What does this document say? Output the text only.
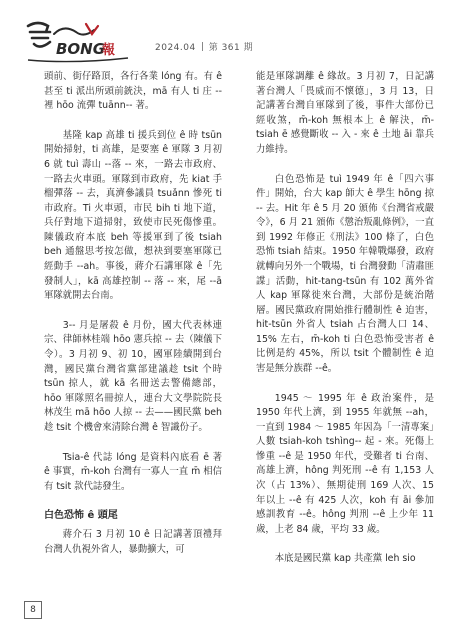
BONG
報	2024.04 第 361 期

頭前、街仔路頂，各行各業 lóng 有。有 ê 甚至 ti 派出所頭前銃決，mā 有人 ti 庄 -- 裡 hōo 流彈 tuānn-- 著。

基隆 kap 高雄 ti 援兵到位 ê 時 tsūn 開始掃射，ti 高雄，是要塞 ê 軍隊 3 月初 6 就 tuì 壽山 --落 -- 來，一路去市政府、一路去火車頭。軍隊到市政府，先 kiat 手榴彈落 -- 去，真濟參議員 tsuǎnn 慘死 ti 市政府。Ti 火車頭，市民 bih ti 地下道，兵仔對地下道掃射，致使市民死傷慘重。陳儀政府本底 beh 等援軍到了後 tsiah beh 通盤思考按怎做，想袂到要塞軍隊已經動手 --ah。事後，蔣介石講軍隊 ê「先發制人」，kā 高雄控制 -- 落 -- 來，尾 --ā 軍隊就開去台南。

3-- 月是屠殺 ê 月份，國大代表林連宗、律師林桂端 hōo 憲兵掠 -- 去（陳儀下令）。3 月初 9、初 10，國軍陸續開到台灣，國民黨台灣省黨部建議趁 tsit 个時 tsūn 掠人，就 kā 名冊送去警備總部，hōo 軍隊照名冊掠人，連台大文學院院長林茂生 mā hōo 人掠 -- 去——國民黨 beh 趁 tsit 个機會來清除台灣 ê 智識份子。

Tsia-ê 代誌 lóng 是資料內底看 ē 著 ê 事實，m̄-koh 台灣有一寡人一直 m̄ 相信有 tsit 款代誌發生。

白色恐怖 ê 頭尾

蔣介石 3 月初 10 ê 日記講著頂禮拜台灣人仇視外省人，暴動擴大，可

能是軍隊調離 ê 緣故。3 月初 7，日記講著台灣人「畏威而不懷德」，3 月 13，日記講著台灣自軍隊到了後，事件大部份已經收煞，m̄-koh 無根本上 ê 解決，m̄-tsiah ē 感覺斷收 -- 入 - 來 ê 土地 āi 靠兵力維持。

白色恐怖是 tuì 1949 年 ê「四六事件」開始，台大 kap 師大 ê 學生 hōng 掠 -- 去。Hit 年 ê 5 月 20 頒佈《台灣省戒嚴令》，6 月 21 頒佈《懲治叛亂條例》，一直到 1992 年修正《刑法》100 條了，白色恐怖 tsiah 結束。1950 年韓戰爆發，政府就轉向另外一个戰場，ti 台灣發動「清肅匪諜」活動，hit-tang-tsūn 有 102 萬外省人 kap 軍隊徙來台灣，大部份是統治階層。國民黨政府開始推行體制性 ê 迫害，hit-tsūn 外省人 tsiah 占台灣人口 14、15% 左右，m̄-koh ti 白色恐怖受害者 ê 比例是約 45%，所以 tsit 个體制性 ê 迫害是無分族群 --ê。

1945 ～ 1995 年 ê 政治案件，是 1950 年代上濟，到 1955 年就無 --ah，一直到 1984 ～ 1985 年因為「一清專案」人數 tsiah-koh tshìng-- 起 - 來。死傷上慘重 --ê 是 1950 年代，受難者 ti 台南、高雄上濟，hông 判死刑 --ê 有 1,153 人次（占 13%）、無期徒刑 169 人次、15 年以上 --ê 有 425 人次，koh 有 āi 參加感訓教育 --ê。hông 判刑 --ê 上少年 11 歲，上老 84 歲，平均 33 歲。

本底是國民黨 kap 共產黨 leh sio

8
